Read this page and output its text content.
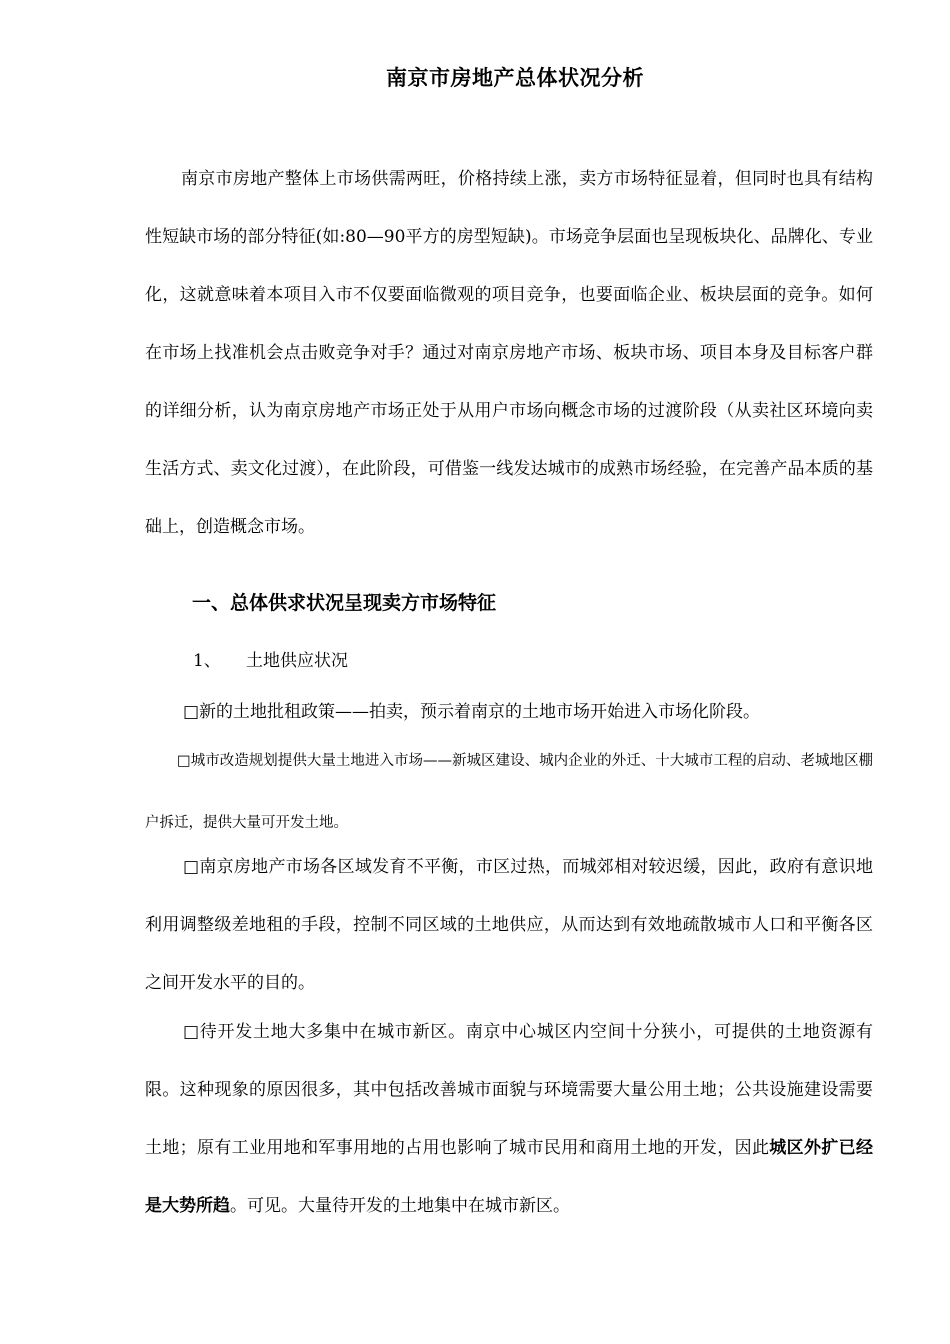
南京市房地产总体状况分析

南京市房地产整体上市场供需两旺，价格持续上涨，卖方市场特征显着，但同时也具有结构性短缺市场的部分特征(如:80—90平方的房型短缺)。市场竞争层面也呈现板块化、品牌化、专业化，这就意味着本项目入市不仅要面临微观的项目竞争，也要面临企业、板块层面的竞争。如何在市场上找准机会点击败竞争对手？通过对南京房地产市场、板块市场、项目本身及目标客户群的详细分析，认为南京房地产市场正处于从用户市场向概念市场的过渡阶段（从卖社区环境向卖生活方式、卖文化过渡），在此阶段，可借鉴一线发达城市的成熟市场经验，在完善产品本质的基础上，创造概念市场。

一、总体供求状况呈现卖方市场特征
1、 土地供应状况

□新的土地批租政策——拍卖，预示着南京的土地市场开始进入市场化阶段。

□城市改造规划提供大量土地进入市场——新城区建设、城内企业的外迁、十大城市工程的启动、老城地区棚户拆迁，提供大量可开发土地。

□南京房地产市场各区域发育不平衡，市区过热，而城郊相对较迟缓，因此，政府有意识地利用调整级差地租的手段，控制不同区域的土地供应，从而达到有效地疏散城市人口和平衡各区之间开发水平的目的。

□待开发土地大多集中在城市新区。南京中心城区内空间十分狭小，可提供的土地资源有限。这种现象的原因很多，其中包括改善城市面貌与环境需要大量公用土地；公共设施建设需要土地；原有工业用地和军事用地的占用也影响了城市民用和商用土地的开发，因此城区外扩已经是大势所趋。可见。大量待开发的土地集中在城市新区。
